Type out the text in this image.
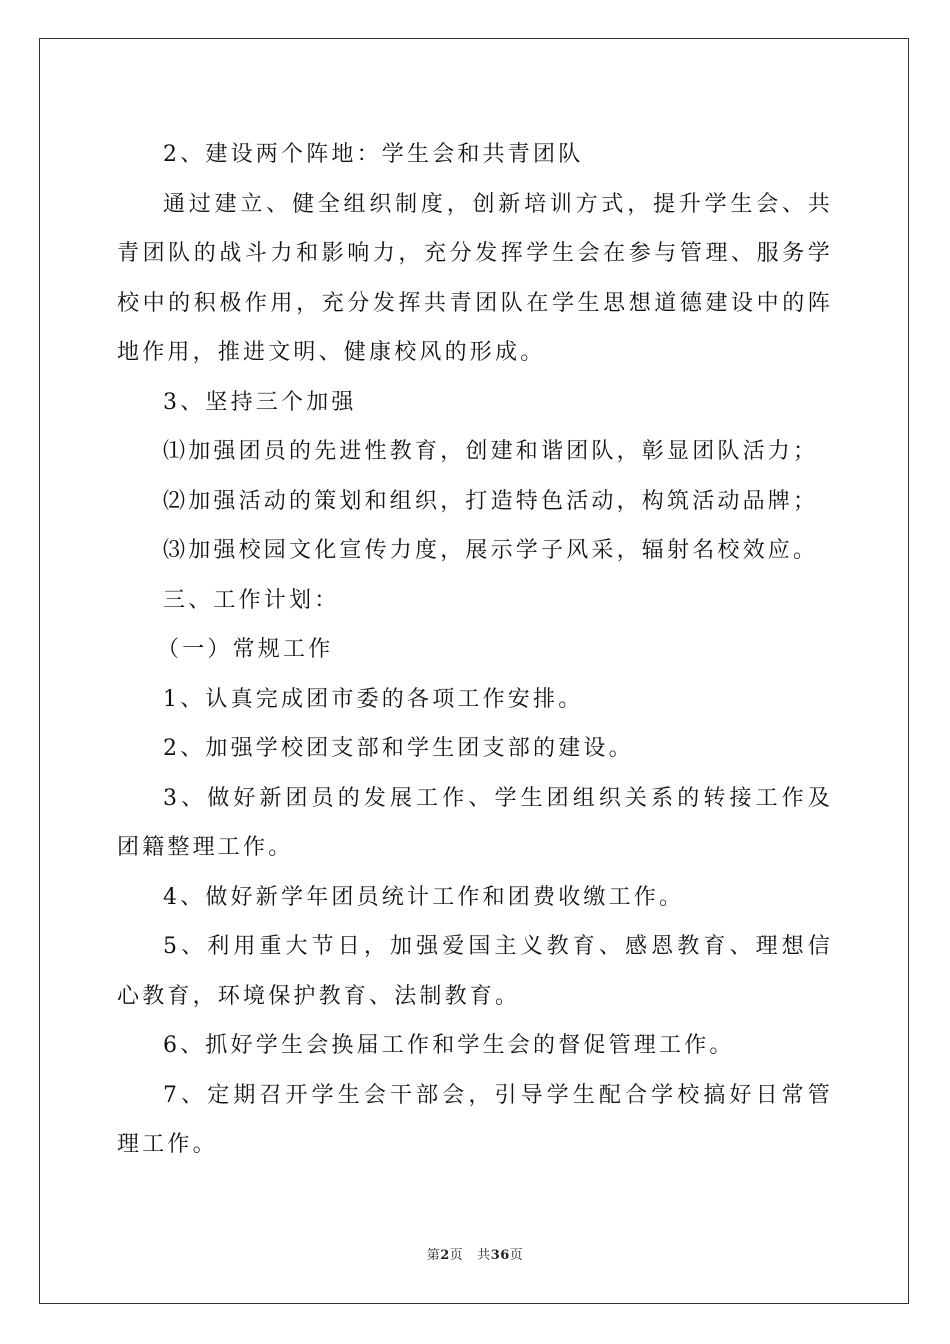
2、建设两个阵地：学生会和共青团队

通过建立、健全组织制度，创新培训方式，提升学生会、共青团队的战斗力和影响力，充分发挥学生会在参与管理、服务学校中的积极作用，充分发挥共青团队在学生思想道德建设中的阵地作用，推进文明、健康校风的形成。

3、坚持三个加强

⑴加强团员的先进性教育，创建和谐团队，彰显团队活力；

⑵加强活动的策划和组织，打造特色活动，构筑活动品牌；

⑶加强校园文化宣传力度，展示学子风采，辐射名校效应。

三、工作计划：

（一）常规工作

1、认真完成团市委的各项工作安排。

2、加强学校团支部和学生团支部的建设。

3、做好新团员的发展工作、学生团组织关系的转接工作及团籍整理工作。

4、做好新学年团员统计工作和团费收缴工作。

5、利用重大节日，加强爱国主义教育、感恩教育、理想信心教育，环境保护教育、法制教育。

6、抓好学生会换届工作和学生会的督促管理工作。

7、定期召开学生会干部会，引导学生配合学校搞好日常管理工作。

第2页 共36页
